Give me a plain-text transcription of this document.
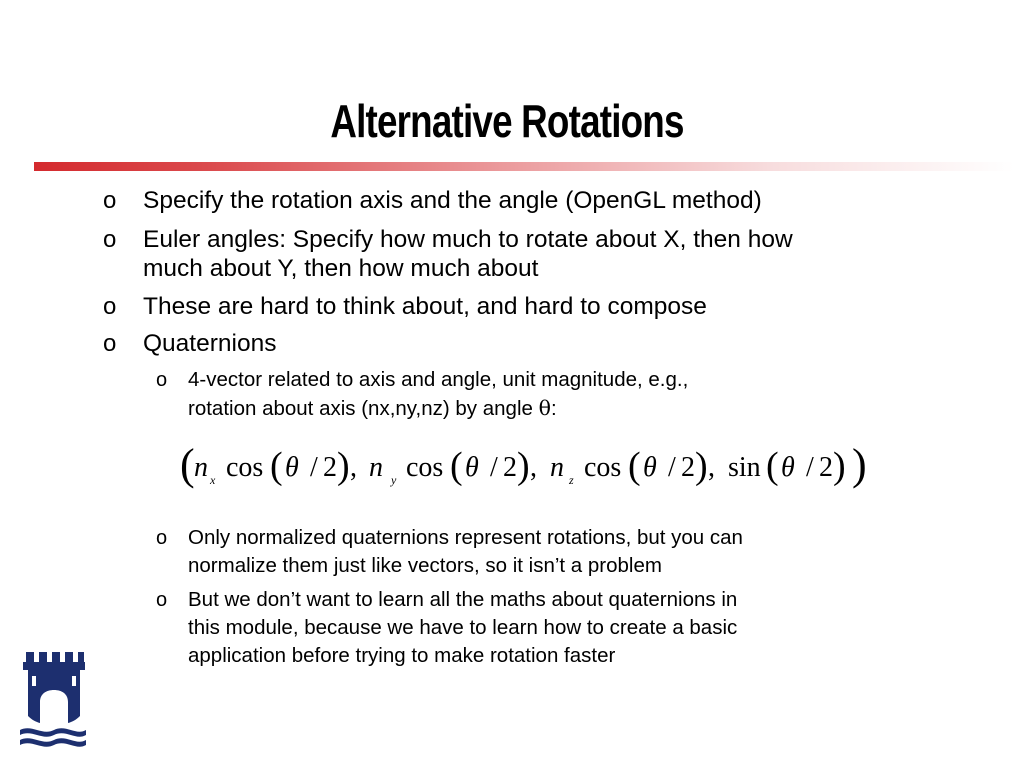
Alternative Rotations
o Specify the rotation axis and the angle (OpenGL method)
o Euler angles: Specify how much to rotate about X, then how
much about Y, then how much about
o These are hard to think about, and hard to compose
o Quaternions
o 4-vector related to axis and angle, unit magnitude, e.g.,
rotation about axis (nx,ny,nz) by angle θ:
( n x cos ( θ / 2 ) , n y cos ( θ / 2 ) , n z cos ( θ / 2 ) , sin ( θ / 2 ) )
o Only normalized quaternions represent rotations, but you can
normalize them just like vectors, so it isn’t a problem
o But we don’t want to learn all the maths about quaternions in
this module, because we have to learn how to create a basic
application before trying to make rotation faster
